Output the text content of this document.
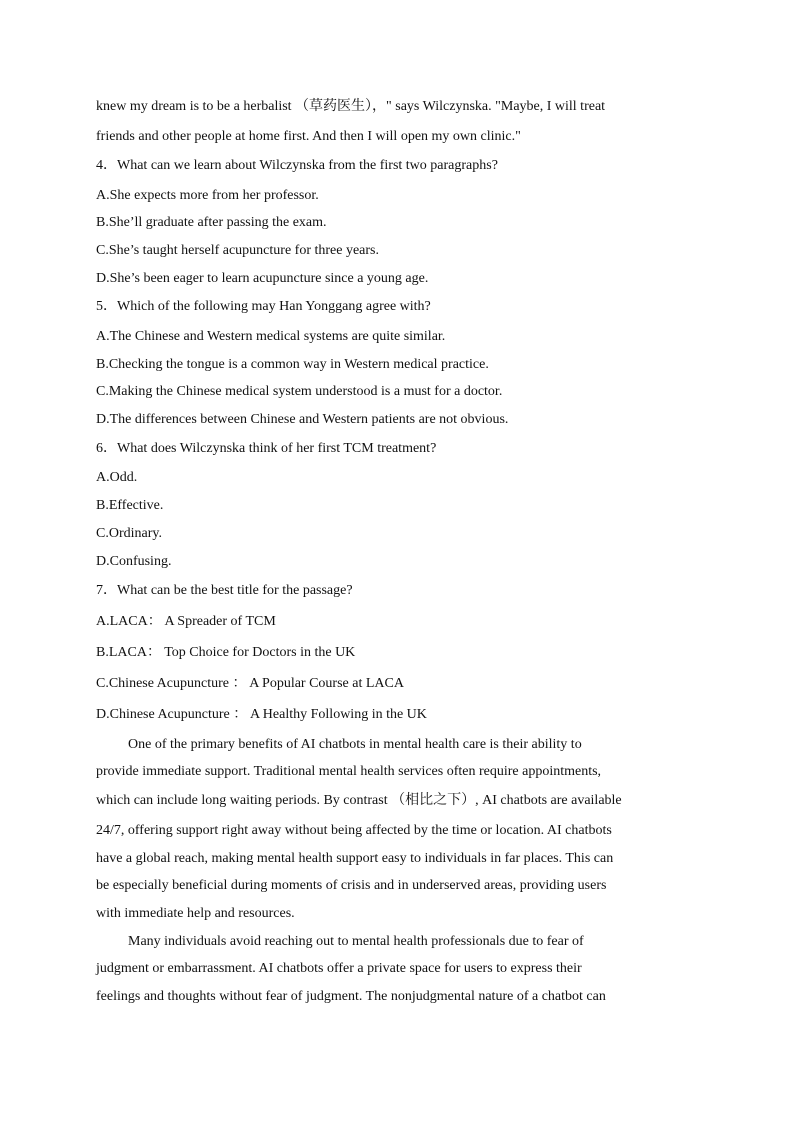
knew my dream is to be a herbalist （草药医生），" says Wilczynska. "Maybe, I will treat
friends and other people at home first. And then I will open my own clinic."
4．What can we learn about Wilczynska from the first two paragraphs?
A.She expects more from her professor.
B.She’ll graduate after passing the exam.
C.She’s taught herself acupuncture for three years.
D.She’s been eager to learn acupuncture since a young age.
5．Which of the following may Han Yonggang agree with?
A.The Chinese and Western medical systems are quite similar.
B.Checking the tongue is a common way in Western medical practice.
C.Making the Chinese medical system understood is a must for a doctor.
D.The differences between Chinese and Western patients are not obvious.
6．What does Wilczynska think of her first TCM treatment?
A.Odd.
B.Effective.
C.Ordinary.
D.Confusing.
7．What can be the best title for the passage?
A.LACA： A Spreader of TCM
B.LACA： Top Choice for Doctors in the UK
C.Chinese Acupuncture ： A Popular Course at LACA
D.Chinese Acupuncture ： A Healthy Following in the UK
One of the primary benefits of AI chatbots in mental health care is their ability to
provide immediate support. Traditional mental health services often require appointments,
which can include long waiting periods. By contrast （相比之下）, AI chatbots are available
24/7, offering support right away without being affected by the time or location. AI chatbots
have a global reach, making mental health support easy to individuals in far places. This can
be especially beneficial during moments of crisis and in underserved areas, providing users
with immediate help and resources.
Many individuals avoid reaching out to mental health professionals due to fear of
judgment or embarrassment. AI chatbots offer a private space for users to express their
feelings and thoughts without fear of judgment. The nonjudgmental nature of a chatbot can
